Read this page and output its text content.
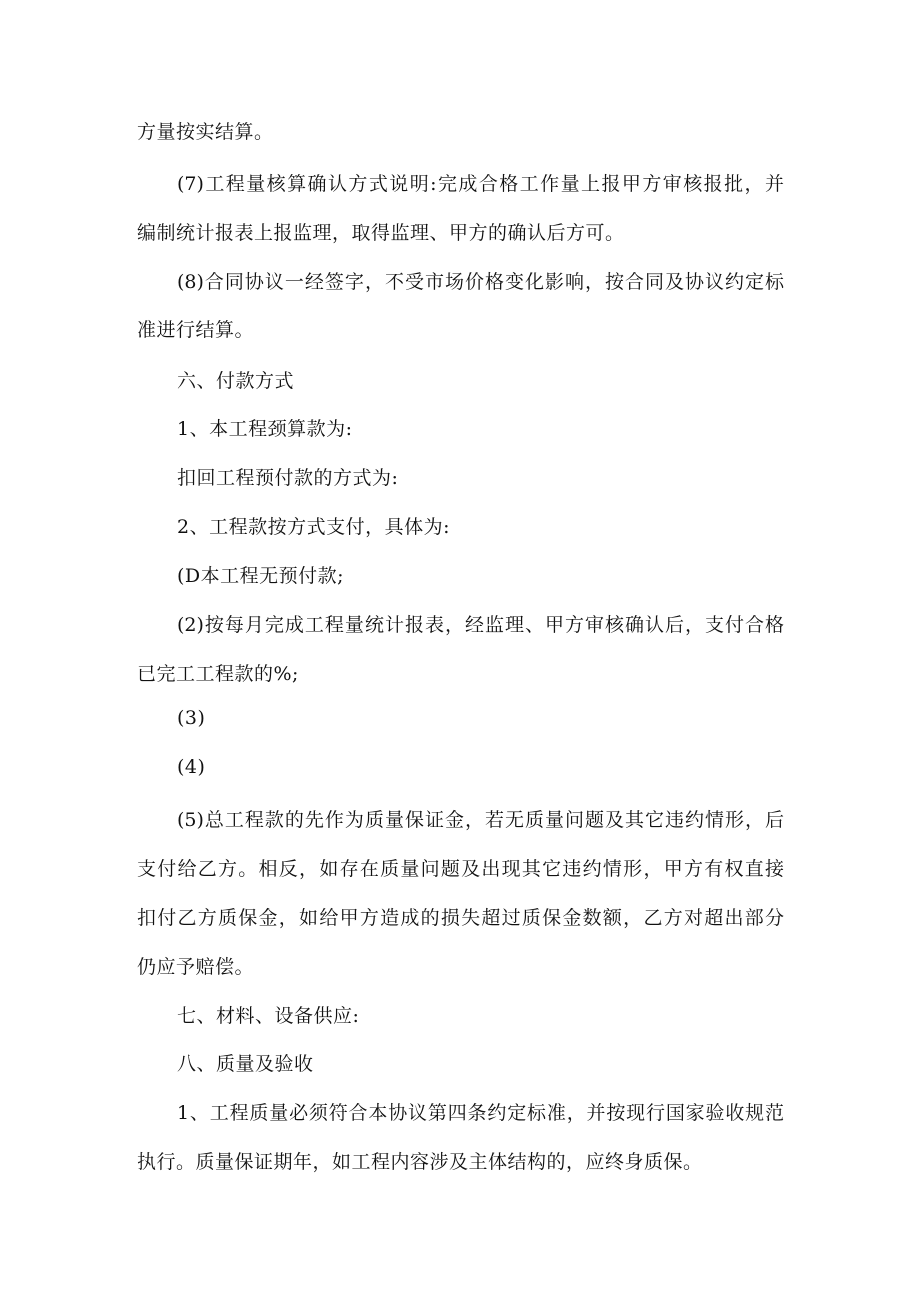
方量按实结算。
(7)工程量核算确认方式说明:完成合格工作量上报甲方审核报批，并
编制统计报表上报监理，取得监理、甲方的确认后方可。
(8)合同协议一经签字，不受市场价格变化影响，按合同及协议约定标
准进行结算。
六、付款方式
1、本工程颈算款为:
扣回工程预付款的方式为:
2、工程款按方式支付，具体为:
(D本工程无预付款;
(2)按每月完成工程量统计报表，经监理、甲方审核确认后，支付合格
已完工工程款的%;
(3)
(4)
(5)总工程款的先作为质量保证金，若无质量问题及其它违约情形，后
支付给乙方。相反，如存在质量问题及出现其它违约情形，甲方有权直接
扣付乙方质保金，如给甲方造成的损失超过质保金数额，乙方对超出部分
仍应予赔偿。
七、材料、设备供应:
八、质量及验收
1、工程质量必须符合本协议第四条约定标准，并按现行国家验收规范
执行。质量保证期年，如工程内容涉及主体结构的，应终身质保。
